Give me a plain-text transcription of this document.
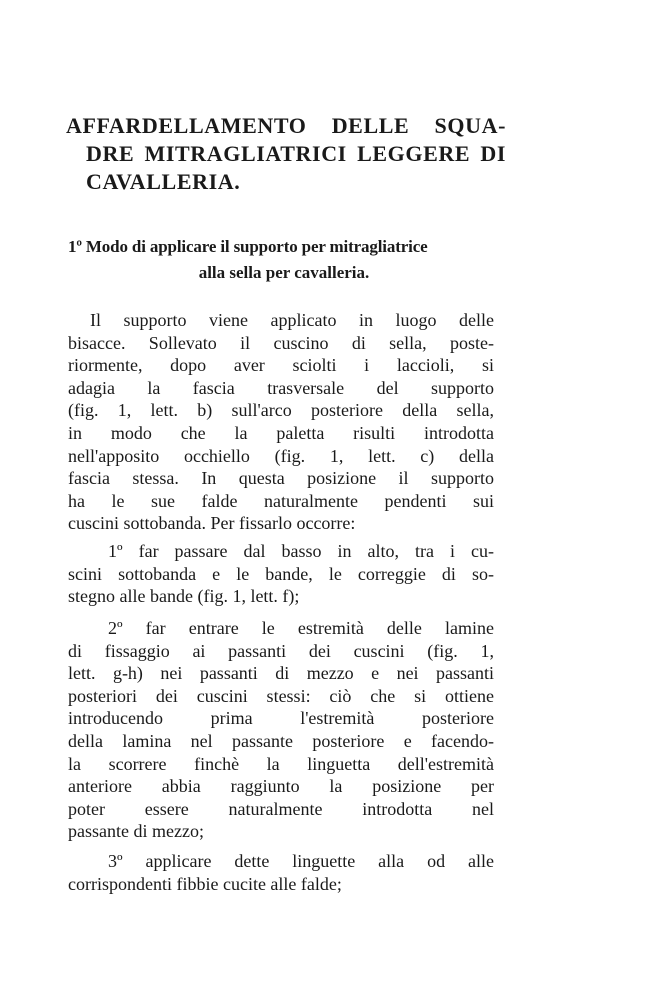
AFFARDELLAMENTO DELLE SQUA-
DRE MITRAGLIATRICI LEGGERE DI
CAVALLERIA.
1º Modo di applicare il supporto per mitragliatrice
alla sella per cavalleria.
Il supporto viene applicato in luogo delle
bisacce. Sollevato il cuscino di sella, poste-
riormente, dopo aver sciolti i laccioli, si
adagia la fascia trasversale del supporto
(fig. 1, lett. b) sull'arco posteriore della sella,
in modo che la paletta risulti introdotta
nell'apposito occhiello (fig. 1, lett. c) della
fascia stessa. In questa posizione il supporto
ha le sue falde naturalmente pendenti sui
cuscini sottobanda. Per fissarlo occorre:
1º far passare dal basso in alto, tra i cu-
scini sottobanda e le bande, le correggie di so-
stegno alle bande (fig. 1, lett. f);
2º far entrare le estremità delle lamine
di fissaggio ai passanti dei cuscini (fig. 1,
lett. g-h) nei passanti di mezzo e nei passanti
posteriori dei cuscini stessi: ciò che si ottiene
introducendo prima l'estremità posteriore
della lamina nel passante posteriore e facendo-
la scorrere finchè la linguetta dell'estremità
anteriore abbia raggiunto la posizione per
poter essere naturalmente introdotta nel
passante di mezzo;
3º applicare dette linguette alla od alle
corrispondenti fibbie cucite alle falde;
